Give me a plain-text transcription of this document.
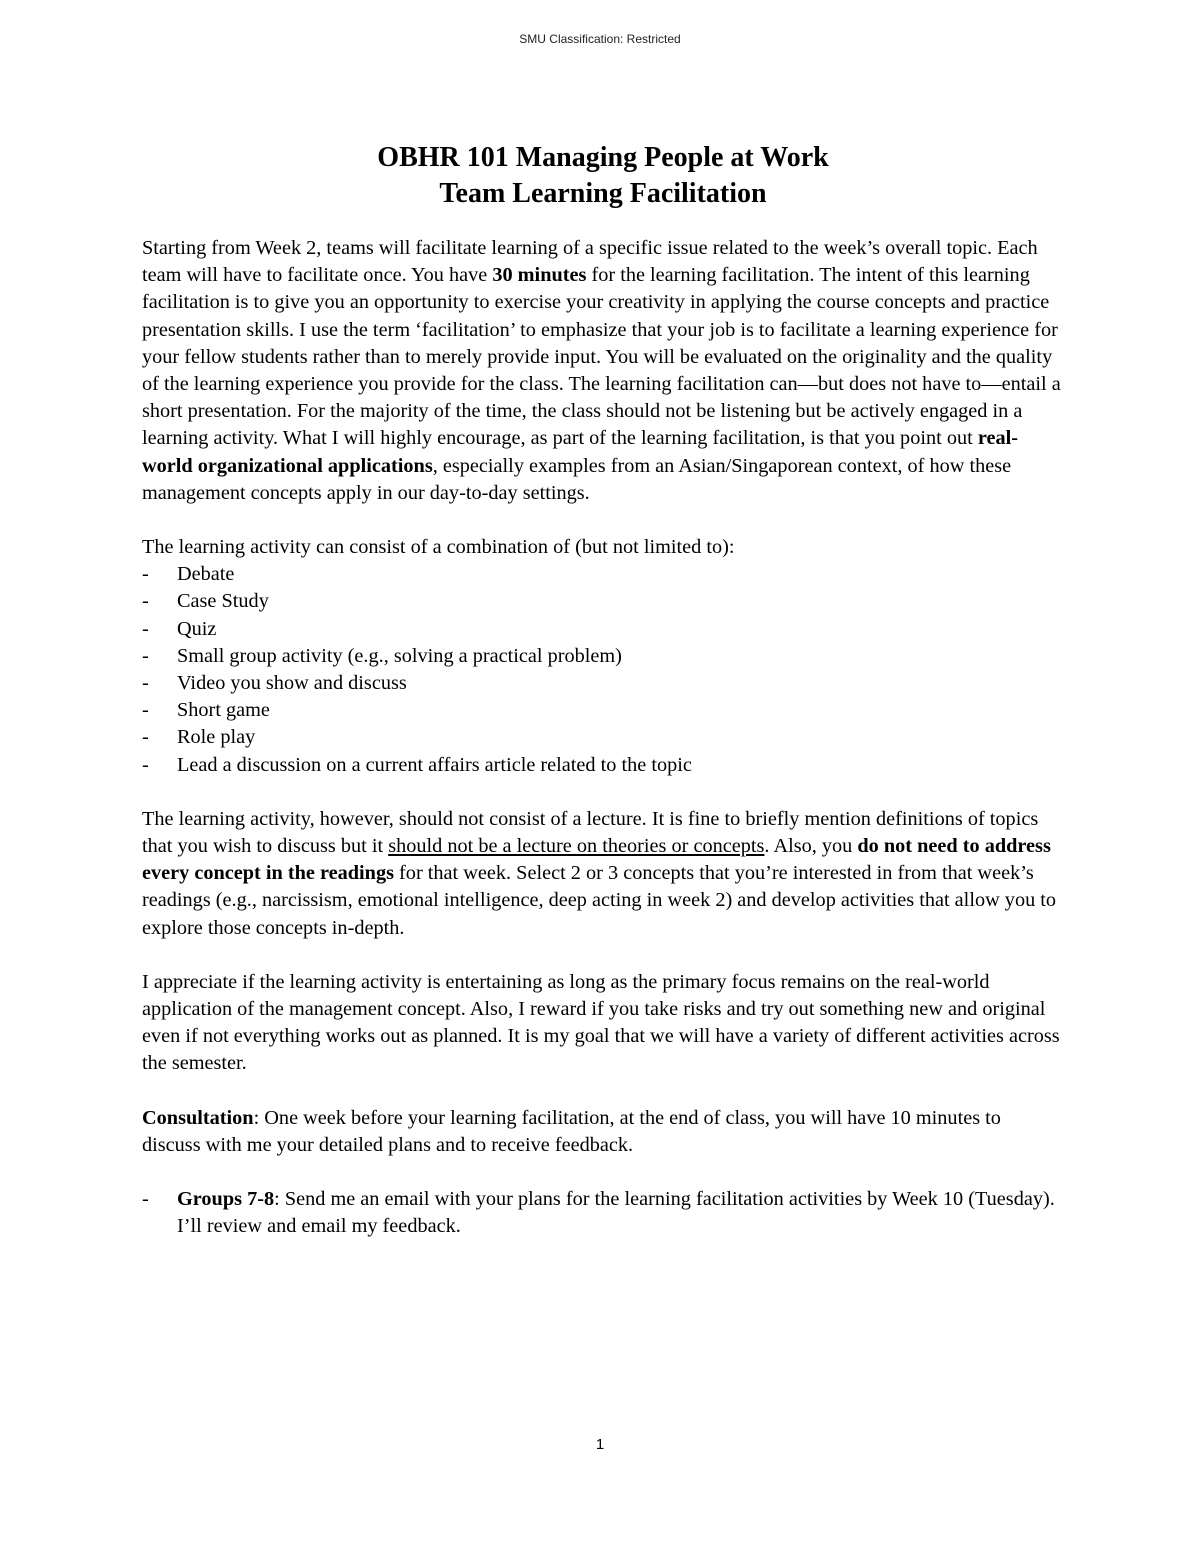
SMU Classification: Restricted
OBHR 101 Managing People at Work
Team Learning Facilitation

Starting from Week 2, teams will facilitate learning of a specific issue related to the week’s overall topic. Each team will have to facilitate once. You have 30 minutes for the learning facilitation. The intent of this learning facilitation is to give you an opportunity to exercise your creativity in applying the course concepts and practice presentation skills. I use the term ‘facilitation’ to emphasize that your job is to facilitate a learning experience for your fellow students rather than to merely provide input. You will be evaluated on the originality and the quality of the learning experience you provide for the class. The learning facilitation can—but does not have to—entail a short presentation. For the majority of the time, the class should not be listening but be actively engaged in a learning activity. What I will highly encourage, as part of the learning facilitation, is that you point out real-world organizational applications, especially examples from an Asian/Singaporean context, of how these management concepts apply in our day-to-day settings.

The learning activity can consist of a combination of (but not limited to):
- Debate
- Case Study
- Quiz
- Small group activity (e.g., solving a practical problem)
- Video you show and discuss
- Short game
- Role play
- Lead a discussion on a current affairs article related to the topic

The learning activity, however, should not consist of a lecture. It is fine to briefly mention definitions of topics that you wish to discuss but it should not be a lecture on theories or concepts. Also, you do not need to address every concept in the readings for that week. Select 2 or 3 concepts that you’re interested in from that week’s readings (e.g., narcissism, emotional intelligence, deep acting in week 2) and develop activities that allow you to explore those concepts in-depth.

I appreciate if the learning activity is entertaining as long as the primary focus remains on the real-world application of the management concept. Also, I reward if you take risks and try out something new and original even if not everything works out as planned. It is my goal that we will have a variety of different activities across the semester.

Consultation: One week before your learning facilitation, at the end of class, you will have 10 minutes to discuss with me your detailed plans and to receive feedback.

- Groups 7-8: Send me an email with your plans for the learning facilitation activities by Week 10 (Tuesday). I’ll review and email my feedback.
1
